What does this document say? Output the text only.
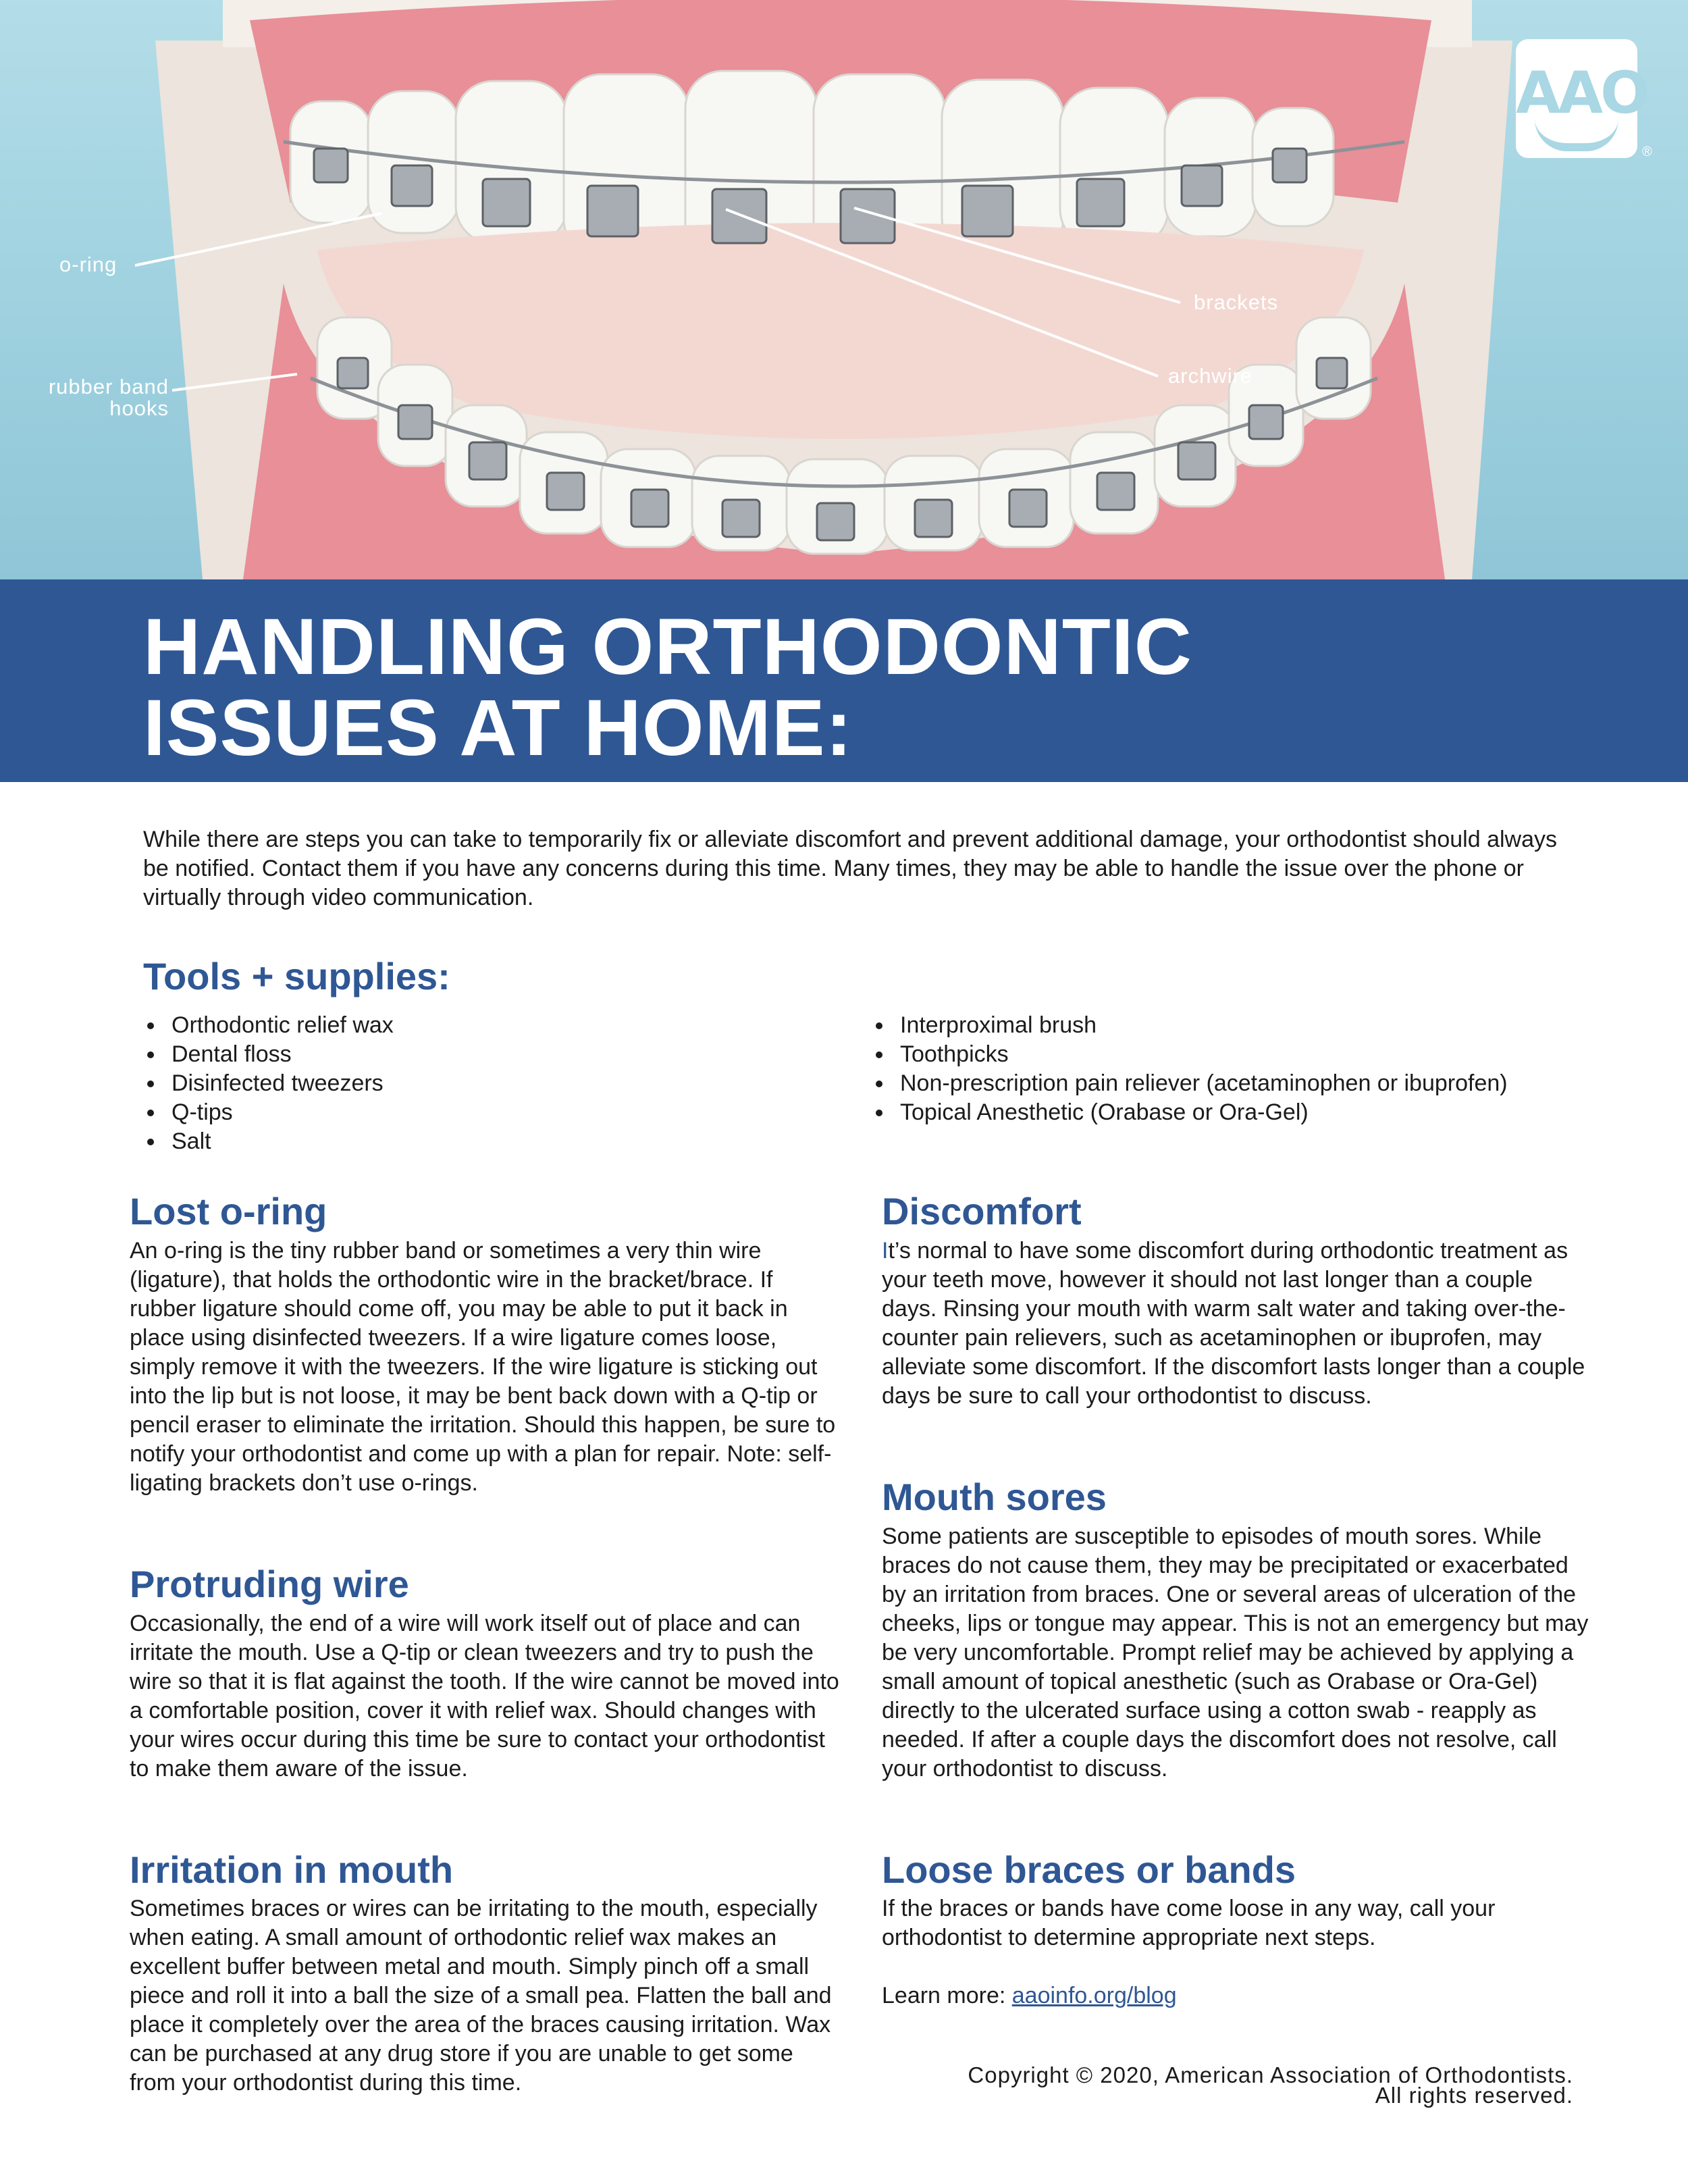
o-ring
brackets
archwire
rubber band
hooks
AAO
®
HANDLING ORTHODONTIC
ISSUES AT HOME:

While there are steps you can take to temporarily fix or alleviate discomfort and prevent additional damage, your orthodontist should always be notified. Contact them if you have any concerns during this time. Many times, they may be able to handle the issue over the phone or virtually through video communication.

Tools + supplies:
Orthodontic relief wax
Dental floss
Disinfected tweezers
Q-tips
Salt
Interproximal brush
Toothpicks
Non-prescription pain reliever (acetaminophen or ibuprofen)
Topical Anesthetic (Orabase or Ora-Gel)
Lost o-ring

An o-ring is the tiny rubber band or sometimes a very thin wire (ligature), that holds the orthodontic wire in the bracket/brace. If rubber ligature should come off, you may be able to put it back in place using disinfected tweezers. If a wire ligature comes loose, simply remove it with the tweezers. If the wire ligature is sticking out into the lip but is not loose, it may be bent back down with a Q-tip or pencil eraser to eliminate the irritation. Should this happen, be sure to notify your orthodontist and come up with a plan for repair. Note: self-ligating brackets don’t use o-rings.

Protruding wire

Occasionally, the end of a wire will work itself out of place and can irritate the mouth. Use a Q-tip or clean tweezers and try to push the wire so that it is flat against the tooth. If the wire cannot be moved into a comfortable position, cover it with relief wax. Should changes with your wires occur during this time be sure to contact your orthodontist to make them aware of the issue.

Irritation in mouth

Sometimes braces or wires can be irritating to the mouth, especially when eating. A small amount of orthodontic relief wax makes an excellent buffer between metal and mouth. Simply pinch off a small piece and roll it into a ball the size of a small pea. Flatten the ball and place it completely over the area of the braces causing irritation. Wax can be purchased at any drug store if you are unable to get some from your orthodontist during this time.

Discomfort

It’s normal to have some discomfort during orthodontic treatment as your teeth move, however it should not last longer than a couple days. Rinsing your mouth with warm salt water and taking over-the-counter pain relievers, such as acetaminophen or ibuprofen, may alleviate some discomfort. If the discomfort lasts longer than a couple days be sure to call your orthodontist to discuss.

Mouth sores

Some patients are susceptible to episodes of mouth sores. While braces do not cause them, they may be precipitated or exacerbated by an irritation from braces. One or several areas of ulceration of the cheeks, lips or tongue may appear. This is not an emergency but may be very uncomfortable. Prompt relief may be achieved by applying a small amount of topical anesthetic (such as Orabase or Ora-Gel) directly to the ulcerated surface using a cotton swab - reapply as needed. If after a couple days the discomfort does not resolve, call your orthodontist to discuss.

Loose braces or bands

If the braces or bands have come loose in any way, call your orthodontist to determine appropriate next steps.

Learn more: aaoinfo.org/blog

Copyright © 2020, American Association of Orthodontists.
All rights reserved.
